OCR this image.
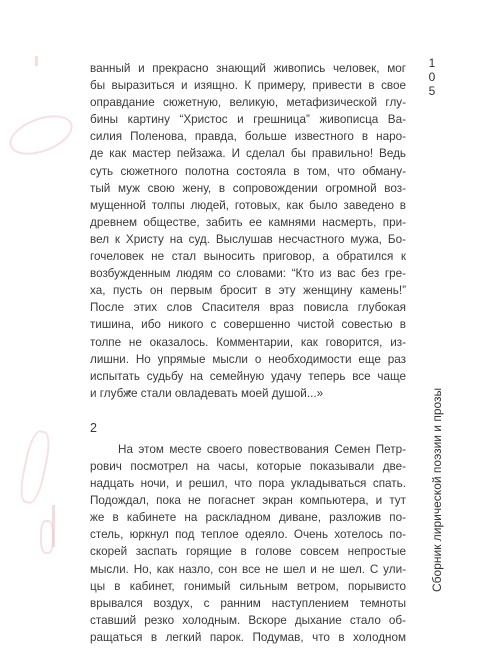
1
0
5
Сборник лирической поэзии и прозы
ванный и прекрасно знающий живопись человек, мог
бы выразиться и изящно. К примеру, привести в свое
оправдание сюжетную, великую, метафизической глу-
бины картину “Христос и грешница” живописца Ва-
силия Поленова, правда, больше известного в наро-
де как мастер пейзажа. И сделал бы правильно! Ведь
суть сюжетного полотна состояла в том, что обману-
тый муж свою жену, в сопровождении огромной воз-
мущенной толпы людей, готовых, как было заведено в
древнем обществе, забить ее камнями насмерть, при-
вел к Христу на суд. Выслушав несчастного мужа, Бо-
гочеловек не стал выносить приговор, а обратился к
возбужденным людям со словами: “Кто из вас без гре-
ха, пусть он первым бросит в эту женщину камень!”
После этих слов Спасителя враз повисла глубокая
тишина, ибо никого с совершенно чистой совестью в
толпе не оказалось. Комментарии, как говорится, из-
лишни. Но упрямые мысли о необходимости еще раз
испытать судьбу на семейную удачу теперь все чаще
и глубже стали овладевать моей душой...»
2
На этом месте своего повествования Семен Петр-
рович посмотрел на часы, которые показывали две-
надцать ночи, и решил, что пора укладываться спать.
Подождал, пока не погаснет экран компьютера, и тут
же в кабинете на раскладном диване, разложив по-
стель, юркнул под теплое одеяло. Очень хотелось по-
скорей заспать горящие в голове совсем непростые
мысли. Но, как назло, сон все не шел и не шел. С ули-
цы в кабинет, гонимый сильным ветром, порывисто
врывался воздух, с ранним наступлением темноты
ставший резко холодным. Вскоре дыхание стало об-
ращаться в легкий парок. Подумав, что в холодном
